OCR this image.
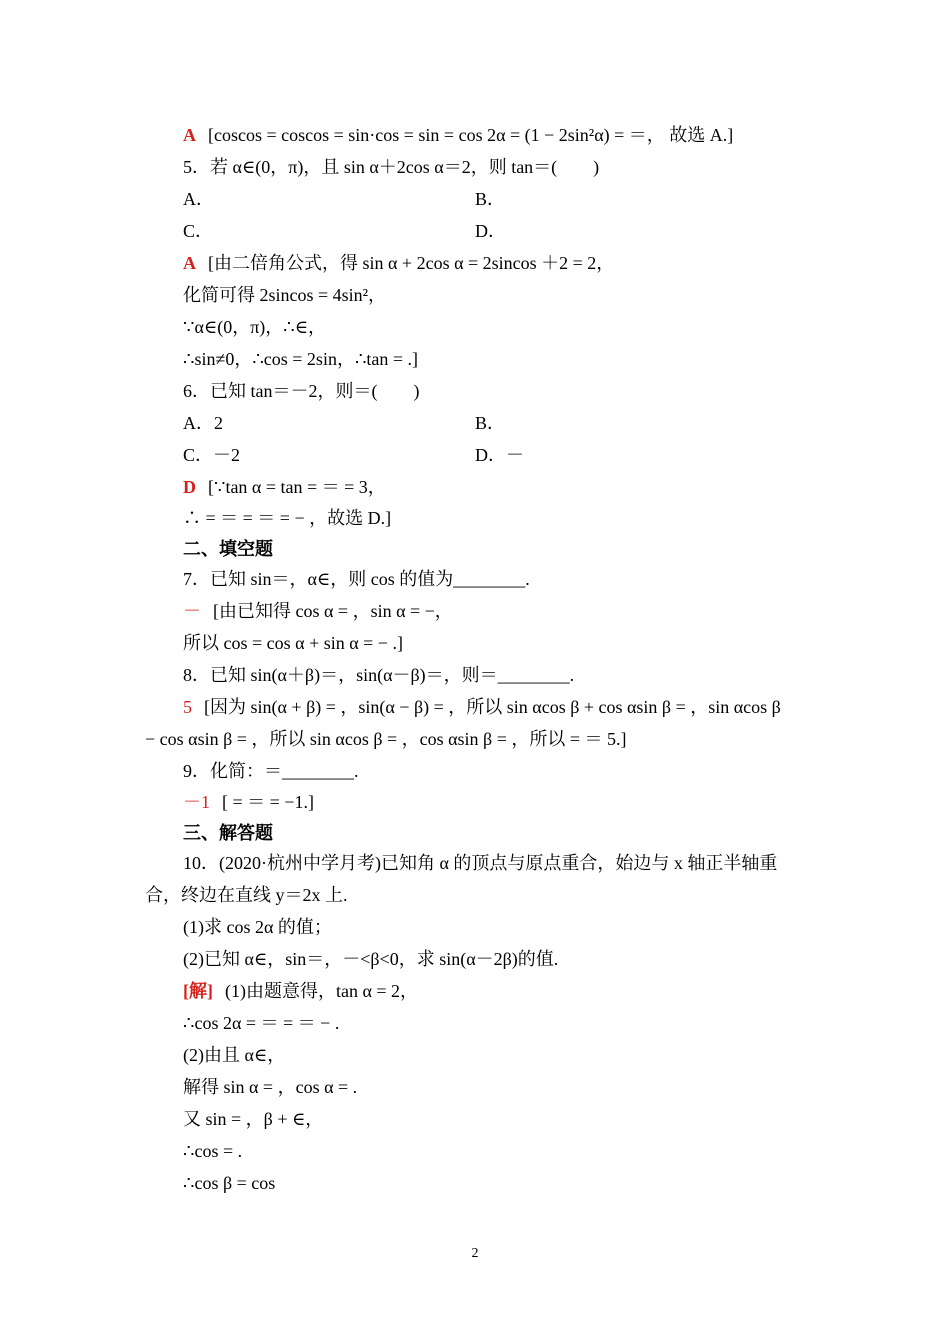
A [coscos = coscos = sin·cos = sin = cos 2α = (1 − 2sin²α) = ＝， 故选 A.]
5．若 α∈(0，π)，且 sin α＋2cos α＝2，则 tan＝(　　)
A．	B．
C．	D．
A [由二倍角公式，得 sin α + 2cos α = 2sincos ＋2 = 2，
化简可得 2sincos = 4sin²，
∵α∈(0，π)，∴∈，
∴sin≠0，∴cos = 2sin，∴tan = .]
6．已知 tan＝－2，则＝(　　)
A．2	B．
C．－2	D．－
D [∵tan α = tan = ＝ = 3，
∴ = ＝ = ＝ = − ，故选 D.]
二、填空题
7．已知 sin＝，α∈，则 cos 的值为________.
－ [由已知得 cos α = ，sin α = −，
所以 cos = cos α + sin α = − .]
8．已知 sin(α＋β)＝，sin(α－β)＝，则＝________.
5 [因为 sin(α + β) = ，sin(α − β) = ，所以 sin αcos β + cos αsin β = ，sin αcos β
− cos αsin β = ，所以 sin αcos β = ，cos αsin β = ，所以 = ＝ 5.]
9．化简：＝________.
－1 [ = ＝ = −1.]
三、解答题
10．(2020·杭州中学月考)已知角 α 的顶点与原点重合，始边与 x 轴正半轴重
合，终边在直线 y＝2x 上.
(1)求 cos 2α 的值；
(2)已知 α∈，sin＝，－<β<0，求 sin(α－2β)的值.
[解] (1)由题意得，tan α = 2，
∴cos 2α = ＝ = ＝ − .
(2)由且 α∈，
解得 sin α = ，cos α = .
又 sin = ，β + ∈，
∴cos = .
∴cos β = cos
2
